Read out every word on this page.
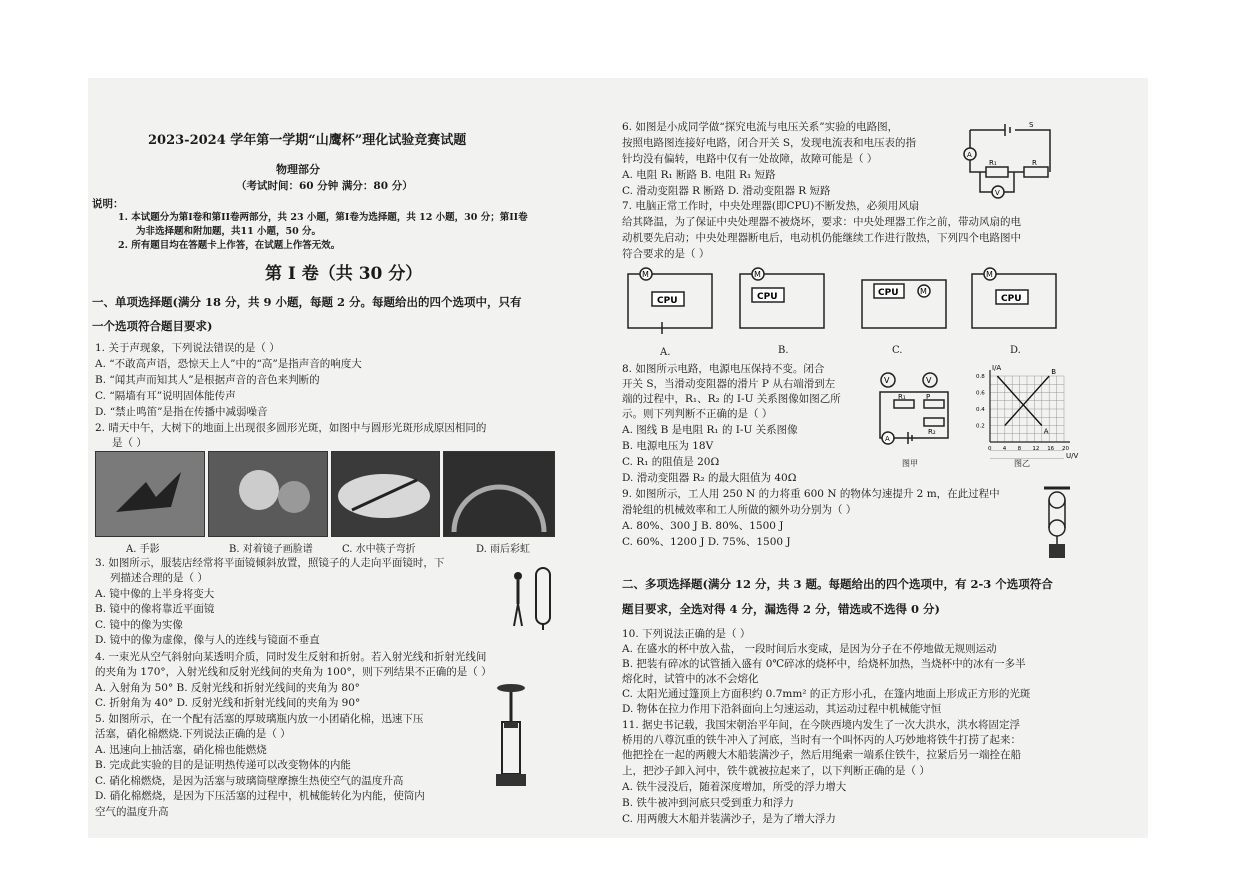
2023-2024 学年第一学期“山鹰杯”理化试验竞赛试题
物理部分
（考试时间：60 分钟 满分：80 分）
说明：
1. 本试题分为第I卷和第II卷两部分，共 23 小题，第I卷为选择题，共 12 小题，30 分；第II卷
为非选择题和附加题，共11 小题，50 分。
2. 所有题目均在答题卡上作答，在试题上作答无效。
第 Ⅰ 卷（共 30 分）
一、单项选择题(满分 18 分，共 9 小题，每题 2 分。每题给出的四个选项中，只有
一个选项符合题目要求)
1. 关于声现象，下列说法错误的是（ ）
A. “不敢高声语，恐惊天上人”中的“高”是指声音的响度大
B. “闻其声而知其人”是根据声音的音色来判断的
C. “隔墙有耳”说明固体能传声
D. “禁止鸣笛”是指在传播中减弱噪音
2. 晴天中午，大树下的地面上出现很多圆形光斑，如图中与圆形光斑形成原因相同的
是（ ）
A. 手影	B. 对着镜子画脸谱	C. 水中筷子弯折	D. 雨后彩虹
3. 如图所示，服装店经常将平面镜倾斜放置，照镜子的人走向平面镜时，下
列描述合理的是（ ）
A. 镜中像的上半身将变大
B. 镜中的像将靠近平面镜
C. 镜中的像为实像
D. 镜中的像为虚像，像与人的连线与镜面不垂直
4. 一束光从空气斜射向某透明介质，同时发生反射和折射。若入射光线和折射光线间
的夹角为 170°，入射光线和反射光线间的夹角为 100°，则下列结果不正确的是（ ）
A. 入射角为 50° B. 反射光线和折射光线间的夹角为 80°
C. 折射角为 40° D. 反射光线和折射光线间的夹角为 90°
5. 如图所示，在一个配有活塞的厚玻璃瓶内放一小团硝化棉，迅速下压
活塞，硝化棉燃烧.下列说法正确的是（ ）
A. 迅速向上抽活塞，硝化棉也能燃烧
B. 完成此实验的目的是证明热传递可以改变物体的内能
C. 硝化棉燃烧，是因为活塞与玻璃筒壁摩擦生热使空气的温度升高
D. 硝化棉燃烧，是因为下压活塞的过程中，机械能转化为内能，使筒内
空气的温度升高
6. 如图是小成同学做“探究电流与电压关系”实验的电路图，
按照电路图连接好电路，闭合开关 S，发现电流表和电压表的指
针均没有偏转，电路中仅有一处故障，故障可能是（ ）
A. 电阻 R₁ 断路 B. 电阻 R₁ 短路
C. 滑动变阻器 R 断路 D. 滑动变阻器 R 短路
A
V
R₁	R
S
7. 电脑正常工作时，中央处理器(即CPU)不断发热，必须用风扇
给其降温，为了保证中央处理器不被烧坏，要求：中央处理器工作之前，带动风扇的电
动机要先启动；中央处理器断电后，电动机仍能继续工作进行散热，下列四个电路图中
符合要求的是（ ）
M	M
M
M
CPU	CPU	CPU
CPU
A.	B.	C.	D.
8. 如图所示电路，电源电压保持不变。闭合
开关 S，当滑动变阻器的滑片 P 从右端滑到左
端的过程中，R₁、R₂ 的 I-U 关系图像如图乙所
示。则下列判断不正确的是（ ）
A. 图线 B 是电阻 R₁ 的 I-U 关系图像
B. 电源电压为 18V
C. R₁ 的阻值是 20Ω
D. 滑动变阻器 R₂ 的最大阻值为 40Ω
V	V
A
R₁	P
R₂
图甲
U/V
I/A
A
B
0 4 8 12 16 20
0.2
0.4
0.6
0.8
图乙
9. 如图所示，工人用 250 N 的力将重 600 N 的物体匀速提升 2 m，在此过程中
滑轮组的机械效率和工人所做的额外功分别为（ ）
A. 80%、300 J B. 80%、1500 J
C. 60%、1200 J D. 75%、1500 J
二、多项选择题(满分 12 分，共 3 题。每题给出的四个选项中，有 2-3 个选项符合
题目要求，全选对得 4 分，漏选得 2 分，错选或不选得 0 分)
10. 下列说法正确的是（ ）
A. 在盛水的杯中放入盐， 一段时间后水变咸，是因为分子在不停地做无规则运动
B. 把装有碎冰的试管插入盛有 0℃碎冰的烧杯中，给烧杯加热，当烧杯中的冰有一多半
熔化时，试管中的冰不会熔化
C. 太阳光通过篷顶上方面积约 0.7mm² 的正方形小孔，在篷内地面上形成正方形的光斑
D. 物体在拉力作用下沿斜面向上匀速运动，其运动过程中机械能守恒
11. 据史书记载，我国宋朝治平年间，在今陕西境内发生了一次大洪水，洪水将固定浮
桥用的八尊沉重的铁牛冲入了河底，当时有一个叫怀丙的人巧妙地将铁牛打捞了起来：
他把拴在一起的两艘大木船装满沙子，然后用绳索一端系住铁牛，拉紧后另一端拴在船
上，把沙子卸入河中，铁牛就被拉起来了，以下判断正确的是（ ）
A. 铁牛浸没后，随着深度增加，所受的浮力增大
B. 铁牛被冲到河底只受到重力和浮力
C. 用两艘大木船并装满沙子，是为了增大浮力
